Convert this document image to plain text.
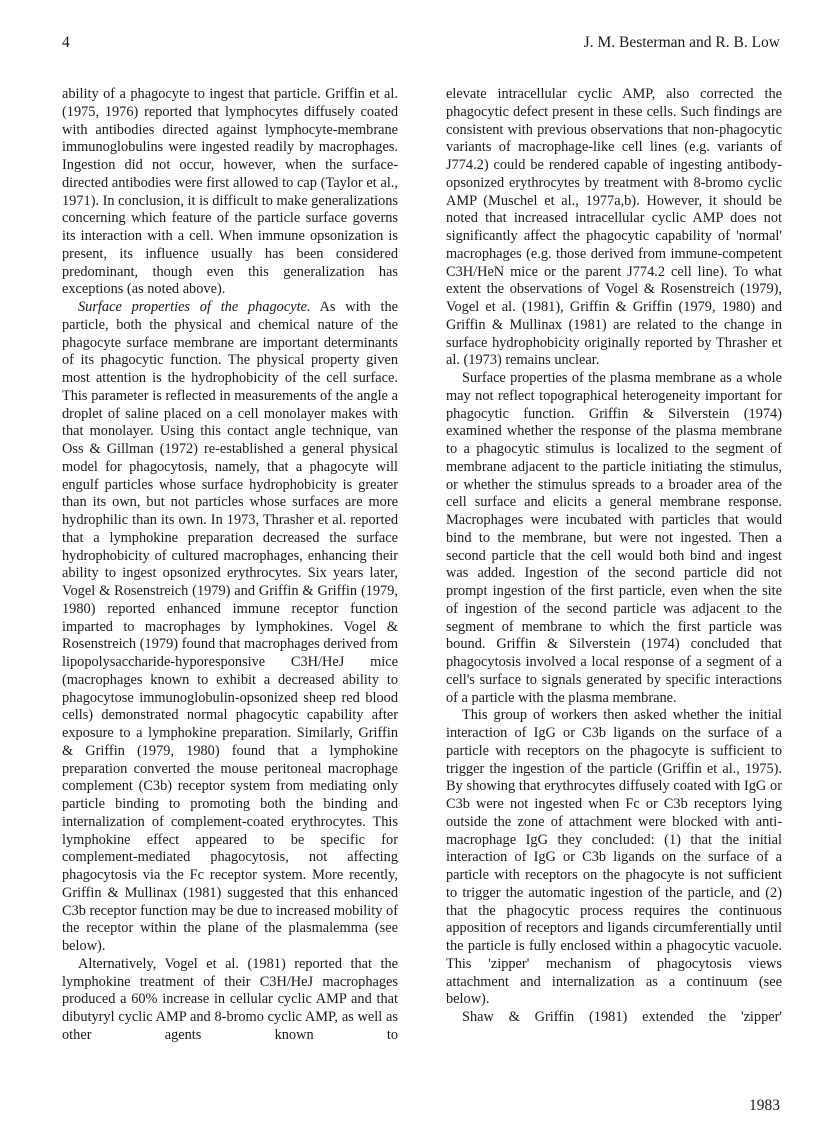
4	J. M. Besterman and R. B. Low

ability of a phagocyte to ingest that particle. Griffin et al. (1975, 1976) reported that lymphocytes diffusely coated with antibodies directed against lymphocyte-membrane immunoglobulins were ingested readily by macrophages. Ingestion did not occur, however, when the surface-directed antibodies were first allowed to cap (Taylor et al., 1971). In conclusion, it is difficult to make generalizations concerning which feature of the particle surface governs its interaction with a cell. When immune opsonization is present, its influence usually has been considered predominant, though even this generalization has exceptions (as noted above).

Surface properties of the phagocyte. As with the particle, both the physical and chemical nature of the phagocyte surface membrane are important determinants of its phagocytic function. The physical property given most attention is the hydrophobicity of the cell surface. This parameter is reflected in measurements of the angle a droplet of saline placed on a cell monolayer makes with that monolayer. Using this contact angle technique, van Oss & Gillman (1972) re-established a general physical model for phagocytosis, namely, that a phagocyte will engulf particles whose surface hydrophobicity is greater than its own, but not particles whose surfaces are more hydrophilic than its own. In 1973, Thrasher et al. reported that a lymphokine preparation decreased the surface hydrophobicity of cultured macrophages, enhancing their ability to ingest opsonized erythrocytes. Six years later, Vogel & Rosenstreich (1979) and Griffin & Griffin (1979, 1980) reported enhanced immune receptor function imparted to macrophages by lymphokines. Vogel & Rosenstreich (1979) found that macrophages derived from lipopolysaccharide-hyporesponsive C3H/HeJ mice (macrophages known to exhibit a decreased ability to phagocytose immunoglobulin-opsonized sheep red blood cells) demonstrated normal phagocytic capability after exposure to a lymphokine preparation. Similarly, Griffin & Griffin (1979, 1980) found that a lymphokine preparation converted the mouse peritoneal macrophage complement (C3b) receptor system from mediating only particle binding to promoting both the binding and internalization of complement-coated erythrocytes. This lymphokine effect appeared to be specific for complement-mediated phagocytosis, not affecting phagocytosis via the Fc receptor system. More recently, Griffin & Mullinax (1981) suggested that this enhanced C3b receptor function may be due to increased mobility of the receptor within the plane of the plasmalemma (see below).

Alternatively, Vogel et al. (1981) reported that the lymphokine treatment of their C3H/HeJ macrophages produced a 60% increase in cellular cyclic AMP and that dibutyryl cyclic AMP and 8-bromo cyclic AMP, as well as other agents known to

elevate intracellular cyclic AMP, also corrected the phagocytic defect present in these cells. Such findings are consistent with previous observations that non-phagocytic variants of macrophage-like cell lines (e.g. variants of J774.2) could be rendered capable of ingesting antibody-opsonized erythrocytes by treatment with 8-bromo cyclic AMP (Muschel et al., 1977a,b). However, it should be noted that increased intracellular cyclic AMP does not significantly affect the phagocytic capability of 'normal' macrophages (e.g. those derived from immune-competent C3H/HeN mice or the parent J774.2 cell line). To what extent the observations of Vogel & Rosenstreich (1979), Vogel et al. (1981), Griffin & Griffin (1979, 1980) and Griffin & Mullinax (1981) are related to the change in surface hydrophobicity originally reported by Thrasher et al. (1973) remains unclear.

Surface properties of the plasma membrane as a whole may not reflect topographical heterogeneity important for phagocytic function. Griffin & Silverstein (1974) examined whether the response of the plasma membrane to a phagocytic stimulus is localized to the segment of membrane adjacent to the particle initiating the stimulus, or whether the stimulus spreads to a broader area of the cell surface and elicits a general membrane response. Macrophages were incubated with particles that would bind to the membrane, but were not ingested. Then a second particle that the cell would both bind and ingest was added. Ingestion of the second particle did not prompt ingestion of the first particle, even when the site of ingestion of the second particle was adjacent to the segment of membrane to which the first particle was bound. Griffin & Silverstein (1974) concluded that phagocytosis involved a local response of a segment of a cell's surface to signals generated by specific interactions of a particle with the plasma membrane.

This group of workers then asked whether the initial interaction of IgG or C3b ligands on the surface of a particle with receptors on the phagocyte is sufficient to trigger the ingestion of the particle (Griffin et al., 1975). By showing that erythrocytes diffusely coated with IgG or C3b were not ingested when Fc or C3b receptors lying outside the zone of attachment were blocked with anti-macrophage IgG they concluded: (1) that the initial interaction of IgG or C3b ligands on the surface of a particle with receptors on the phagocyte is not sufficient to trigger the automatic ingestion of the particle, and (2) that the phagocytic process requires the continuous apposition of receptors and ligands circumferentially until the particle is fully enclosed within a phagocytic vacuole. This 'zipper' mechanism of phagocytosis views attachment and internalization as a continuum (see below).

Shaw & Griffin (1981) extended the 'zipper'

1983
